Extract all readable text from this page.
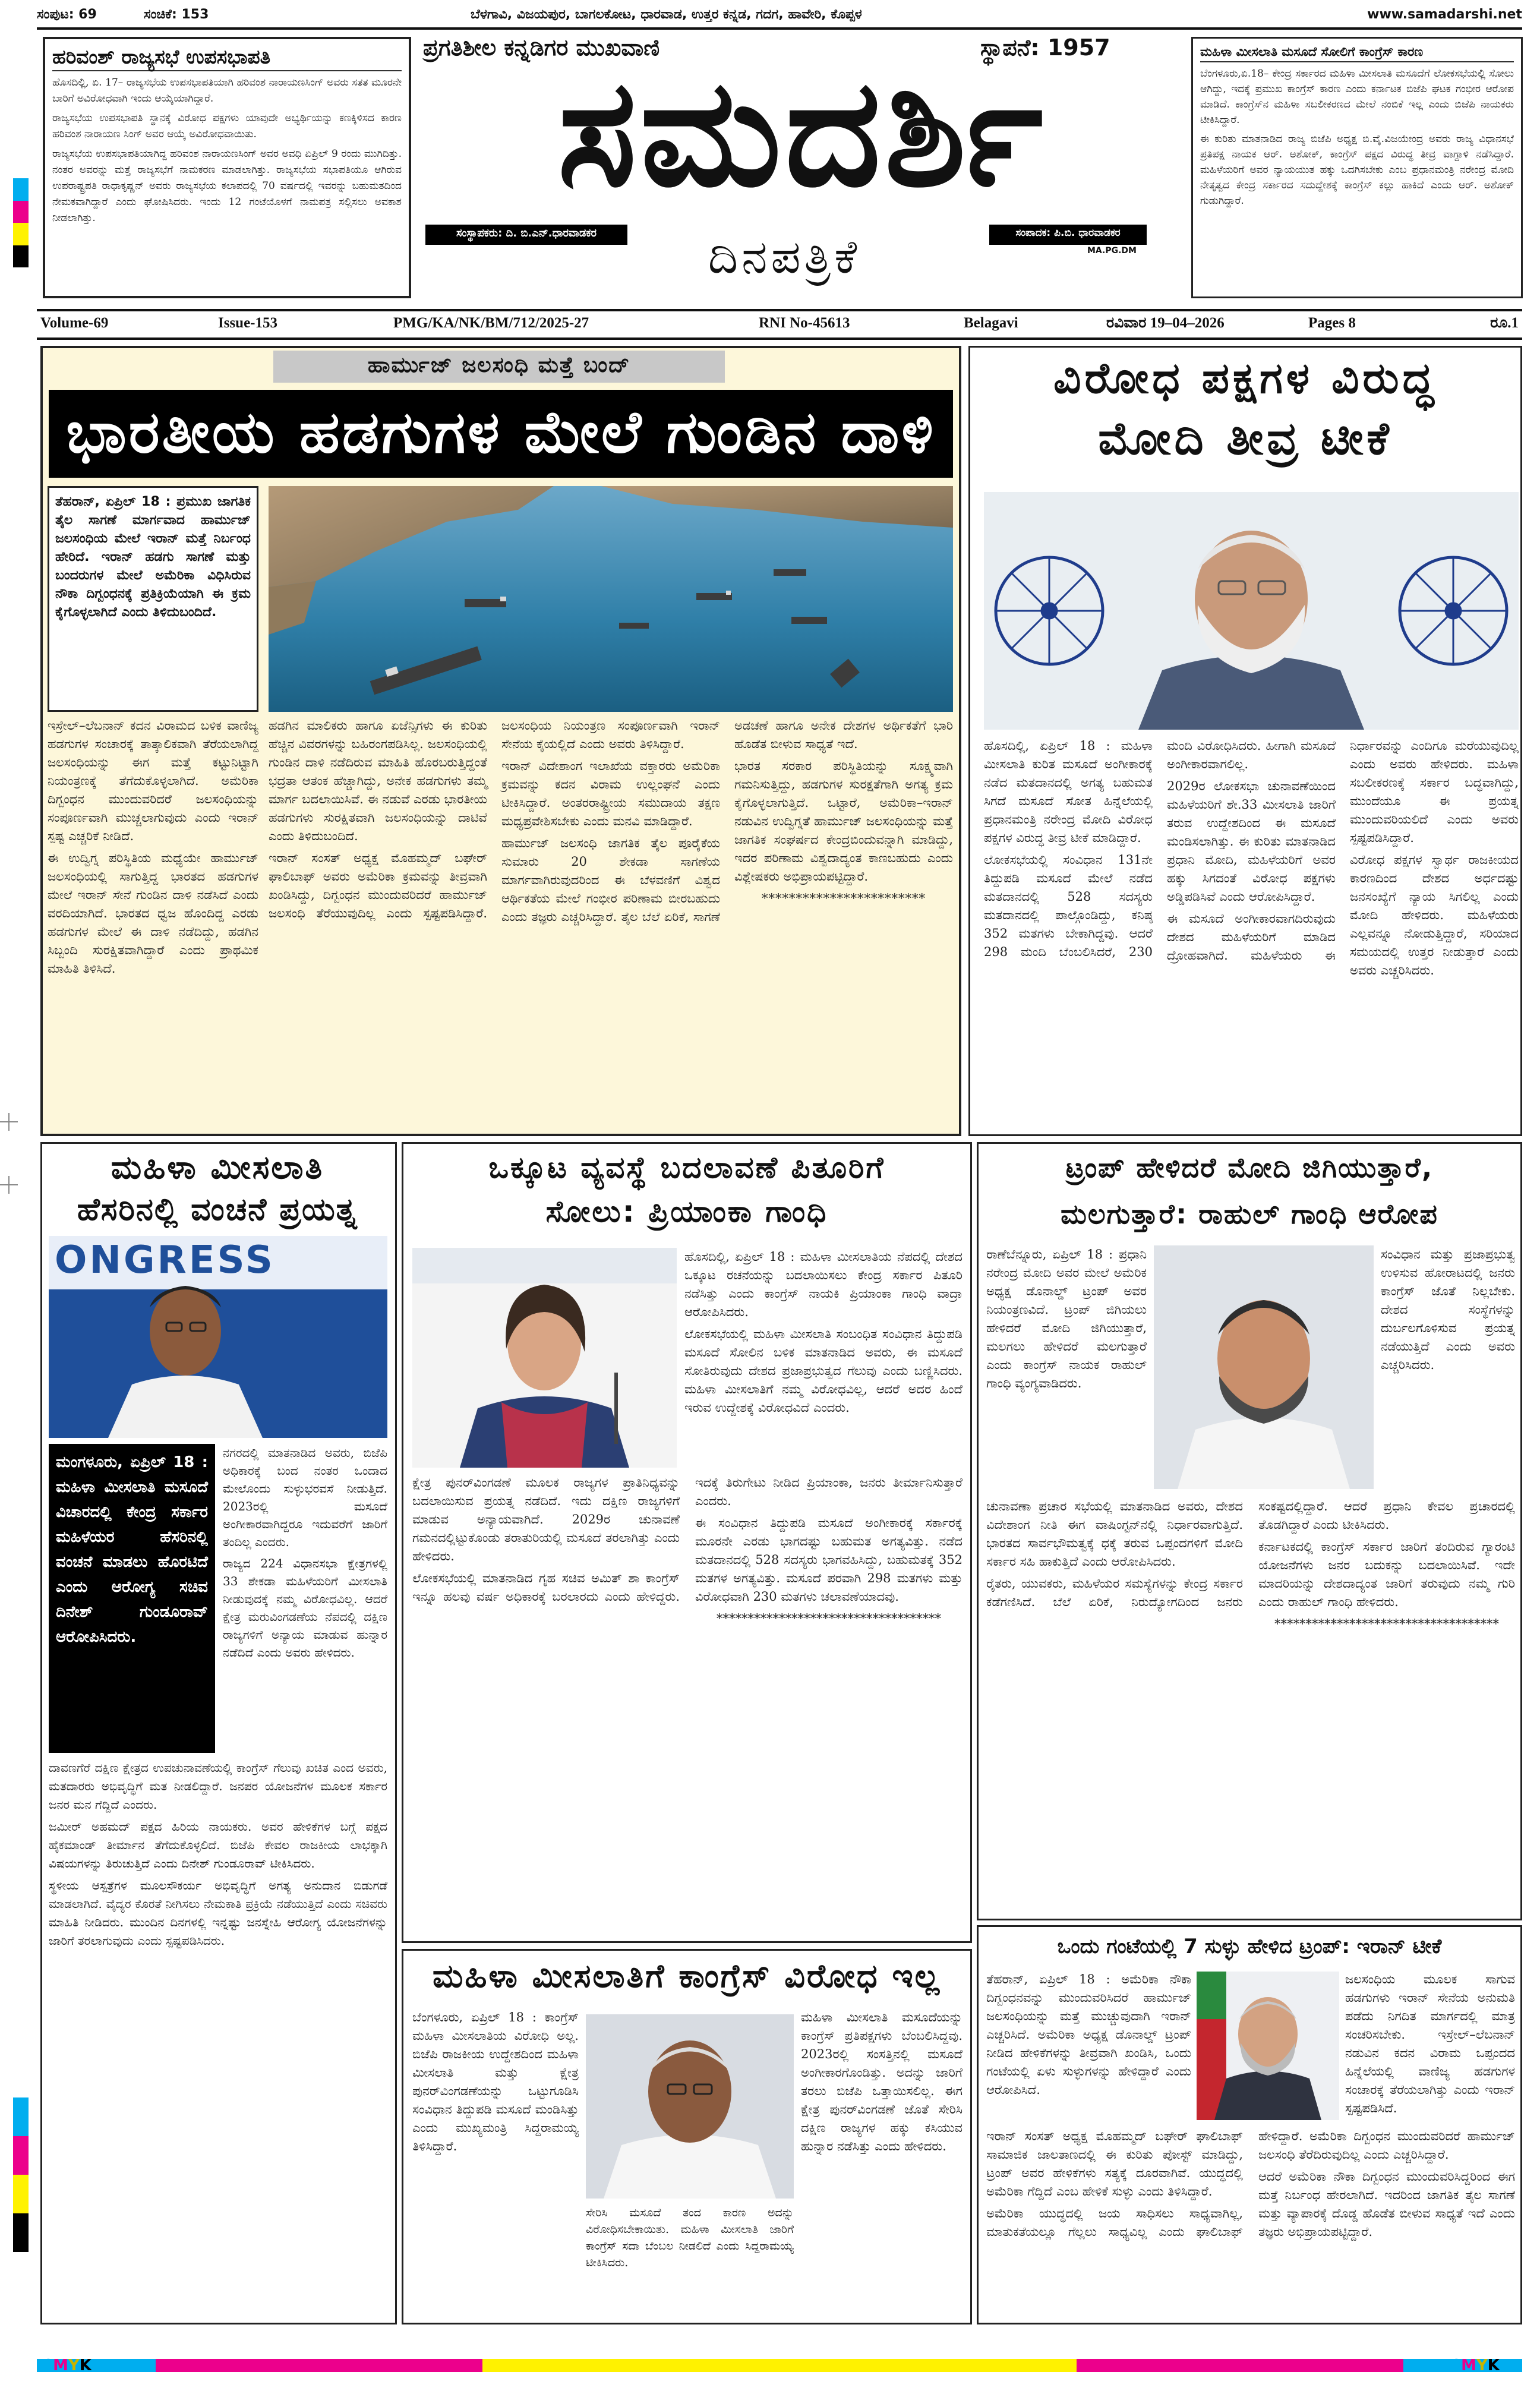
ಸಂಪುಟ: 69	ಸಂಚಿಕೆ: 153	ಬೆಳಗಾವಿ, ವಿಜಯಪುರ, ಬಾಗಲಕೋಟ, ಧಾರವಾಡ, ಉತ್ತರ ಕನ್ನಡ, ಗದಗ, ಹಾವೇರಿ, ಕೊಪ್ಪಳ	www.samadarshi.net
ಹರಿವಂಶ್ ರಾಜ್ಯಸಭೆ ಉಪಸಭಾಪತಿ

ಹೊಸದಿಲ್ಲಿ, ಏ. 17– ರಾಜ್ಯಸಭೆಯ ಉಪಸಭಾಪತಿಯಾಗಿ ಹರಿವಂಶ ನಾರಾಯಣಸಿಂಗ್ ಅವರು ಸತತ ಮೂರನೇ ಬಾರಿಗೆ ಅವಿರೋಧವಾಗಿ ಇಂದು ಆಯ್ಕೆಯಾಗಿದ್ದಾರೆ.

ರಾಜ್ಯಸಭೆಯ ಉಪಸಭಾಪತಿ ಸ್ಥಾನಕ್ಕೆ ವಿರೋಧ ಪಕ್ಷಗಳು ಯಾವುದೇ ಅಭ್ಯರ್ಥಿಯನ್ನು ಕಣಕ್ಕಿಳಿಸದ ಕಾರಣ ಹರಿವಂಶ ನಾರಾಯಣ ಸಿಂಗ್ ಅವರ ಆಯ್ಕೆ ಅವಿರೋಧವಾಯಿತು.

ರಾಜ್ಯಸಭೆಯ ಉಪಸಭಾಪತಿಯಾಗಿದ್ದ ಹರಿವಂಶ ನಾರಾಯಣಸಿಂಗ್ ಅವರ ಅವಧಿ ಏಪ್ರಿಲ್ 9 ರಂದು ಮುಗಿದಿತ್ತು. ನಂತರ ಅವರನ್ನು ಮತ್ತೆ ರಾಜ್ಯಸಭೆಗೆ ನಾಮಕರಣ ಮಾಡಲಾಗಿತ್ತು. ರಾಜ್ಯಸಭೆಯ ಸಭಾಪತಿಯೂ ಆಗಿರುವ ಉಪರಾಷ್ಟ್ರಪತಿ ರಾಧಾಕೃಷ್ಣನ್ ಅವರು ರಾಜ್ಯಸಭೆಯ ಕಲಾಪದಲ್ಲಿ 70 ವರ್ಷದಲ್ಲಿ ಇವರನ್ನು ಬಹುಮತದಿಂದ ನೇಮಕವಾಗಿದ್ದಾರೆ ಎಂದು ಘೋಷಿಸಿದರು. ಇಂದು 12 ಗಂಟೆಯೊಳಗೆ ನಾಮಪತ್ರ ಸಲ್ಲಿಸಲು ಅವಕಾಶ ನೀಡಲಾಗಿತ್ತು.

ಪ್ರಗತಿಶೀಲ ಕನ್ನಡಿಗರ ಮುಖವಾಣಿ	ಸ್ಥಾಪನೆ: 1957
ಸಮದರ್ಶಿ
ಸಂಸ್ಥಾಪಕರು: ದಿ. ಬಿ.ಎನ್.ಧಾರವಾಡಕರ	ದಿನಪತ್ರಿಕೆ	ಸಂಪಾದಕ: ಪಿ.ಬಿ. ಧಾರವಾಡಕರ
MA.PG.DM
ಮಹಿಳಾ ಮೀಸಲಾತಿ ಮಸೂದೆ ಸೋಲಿಗೆ ಕಾಂಗ್ರೆಸ್ ಕಾರಣ

ಬೆಂಗಳೂರು,ಏ.18– ಕೇಂದ್ರ ಸರ್ಕಾರದ ಮಹಿಳಾ ಮೀಸಲಾತಿ ಮಸೂದೆಗೆ ಲೋಕಸಭೆಯಲ್ಲಿ ಸೋಲು ಆಗಿದ್ದು, ಇದಕ್ಕೆ ಪ್ರಮುಖ ಕಾಂಗ್ರೆಸ್ ಕಾರಣ ಎಂದು ಕರ್ನಾಟಕ ಬಿಜೆಪಿ ಘಟಕ ಗಂಭೀರ ಆರೋಪ ಮಾಡಿದೆ. ಕಾಂಗ್ರೆಸ್‌ನ ಮಹಿಳಾ ಸಬಲೀಕರಣದ ಮೇಲೆ ನಂಬಿಕೆ ಇಲ್ಲ ಎಂದು ಬಿಜೆಪಿ ನಾಯಕರು ಟೀಕಿಸಿದ್ದಾರೆ.

ಈ ಕುರಿತು ಮಾತನಾಡಿದ ರಾಜ್ಯ ಬಿಜೆಪಿ ಅಧ್ಯಕ್ಷ ಬಿ.ವೈ.ವಿಜಯೇಂದ್ರ ಅವರು ರಾಜ್ಯ ವಿಧಾನಸಭೆ ಪ್ರತಿಪಕ್ಷ ನಾಯಕ ಆರ್. ಅಶೋಕ್, ಕಾಂಗ್ರೆಸ್ ಪಕ್ಷದ ವಿರುದ್ಧ ತೀವ್ರ ವಾಗ್ದಾಳಿ ನಡೆಸಿದ್ದಾರೆ. ಮಹಿಳೆಯರಿಗೆ ಅವರ ನ್ಯಾಯಯುತ ಹಕ್ಕು ಒದಗಿಸಬೇಕು ಎಂಬ ಪ್ರಧಾನಮಂತ್ರಿ ನರೇಂದ್ರ ಮೋದಿ ನೇತೃತ್ವದ ಕೇಂದ್ರ ಸರ್ಕಾರದ ಸದುದ್ದೇಶಕ್ಕೆ ಕಾಂಗ್ರೆಸ್ ಕಲ್ಲು ಹಾಕಿದೆ ಎಂದು ಆರ್. ಅಶೋಕ್ ಗುಡುಗಿದ್ದಾರೆ.

Volume-69	Issue-153	PMG/KA/NK/BM/712/2025-27	RNI No-45613	Belagavi	ರವಿವಾರ 19–04–2026	Pages 8	ರೂ.1
ಹಾರ್ಮುಜ್ ಜಲಸಂಧಿ ಮತ್ತೆ ಬಂದ್
ಭಾರತೀಯ ಹಡಗುಗಳ ಮೇಲೆ ಗುಂಡಿನ ದಾಳಿ
ತೆಹರಾನ್, ಏಪ್ರಿಲ್ 18 : ಪ್ರಮುಖ ಜಾಗತಿಕ ತೈಲ ಸಾಗಣೆ ಮಾರ್ಗವಾದ ಹಾರ್ಮುಜ್ ಜಲಸಂಧಿಯ ಮೇಲೆ ಇರಾನ್ ಮತ್ತೆ ನಿರ್ಬಂಧ ಹೇರಿದೆ. ಇರಾನ್ ಹಡಗು ಸಾಗಣೆ ಮತ್ತು ಬಂದರುಗಳ ಮೇಲೆ ಅಮೆರಿಕಾ ವಿಧಿಸಿರುವ ನೌಕಾ ದಿಗ್ಬಂಧನಕ್ಕೆ ಪ್ರತಿಕ್ರಿಯೆಯಾಗಿ ಈ ಕ್ರಮ ಕೈಗೊಳ್ಳಲಾಗಿದೆ ಎಂದು ತಿಳಿದುಬಂದಿದೆ.

ಇಸ್ರೇಲ್–ಲೆಬನಾನ್ ಕದನ ವಿರಾಮದ ಬಳಿಕ ವಾಣಿಜ್ಯ ಹಡಗುಗಳ ಸಂಚಾರಕ್ಕೆ ತಾತ್ಕಾಲಿಕವಾಗಿ ತೆರೆಯಲಾಗಿದ್ದ ಜಲಸಂಧಿಯನ್ನು ಈಗ ಮತ್ತೆ ಕಟ್ಟುನಿಟ್ಟಾಗಿ ನಿಯಂತ್ರಣಕ್ಕೆ ತೆಗೆದುಕೊಳ್ಳಲಾಗಿದೆ. ಅಮೆರಿಕಾ ದಿಗ್ಬಂಧನ ಮುಂದುವರಿದರೆ ಜಲಸಂಧಿಯನ್ನು ಸಂಪೂರ್ಣವಾಗಿ ಮುಚ್ಚಲಾಗುವುದು ಎಂದು ಇರಾನ್ ಸ್ಪಷ್ಟ ಎಚ್ಚರಿಕೆ ನೀಡಿದೆ.

ಈ ಉದ್ವಿಗ್ನ ಪರಿಸ್ಥಿತಿಯ ಮಧ್ಯೆಯೇ ಹಾರ್ಮುಜ್ ಜಲಸಂಧಿಯಲ್ಲಿ ಸಾಗುತ್ತಿದ್ದ ಭಾರತದ ಹಡಗುಗಳ ಮೇಲೆ ಇರಾನ್ ಸೇನೆ ಗುಂಡಿನ ದಾಳಿ ನಡೆಸಿದೆ ಎಂದು ವರದಿಯಾಗಿದೆ. ಭಾರತದ ಧ್ವಜ ಹೊಂದಿದ್ದ ಎರಡು ಹಡಗುಗಳ ಮೇಲೆ ಈ ದಾಳಿ ನಡೆದಿದ್ದು, ಹಡಗಿನ ಸಿಬ್ಬಂದಿ ಸುರಕ್ಷಿತವಾಗಿದ್ದಾರೆ ಎಂದು ಪ್ರಾಥಮಿಕ ಮಾಹಿತಿ ತಿಳಿಸಿದೆ.

ಹಡಗಿನ ಮಾಲಿಕರು ಹಾಗೂ ಏಜೆನ್ಸಿಗಳು ಈ ಕುರಿತು ಹೆಚ್ಚಿನ ವಿವರಗಳನ್ನು ಬಹಿರಂಗಪಡಿಸಿಲ್ಲ. ಜಲಸಂಧಿಯಲ್ಲಿ ಗುಂಡಿನ ದಾಳಿ ನಡೆದಿರುವ ಮಾಹಿತಿ ಹೊರಬರುತ್ತಿದ್ದಂತೆ ಭದ್ರತಾ ಆತಂಕ ಹೆಚ್ಚಾಗಿದ್ದು, ಅನೇಕ ಹಡಗುಗಳು ತಮ್ಮ ಮಾರ್ಗ ಬದಲಾಯಿಸಿವೆ. ಈ ನಡುವೆ ಎರಡು ಭಾರತೀಯ ಹಡಗುಗಳು ಸುರಕ್ಷಿತವಾಗಿ ಜಲಸಂಧಿಯನ್ನು ದಾಟಿವೆ ಎಂದು ತಿಳಿದುಬಂದಿದೆ.

ಇರಾನ್ ಸಂಸತ್ ಅಧ್ಯಕ್ಷ ಮೊಹಮ್ಮದ್ ಬಘೇರ್ ಘಾಲಿಬಾಫ್ ಅವರು ಅಮೆರಿಕಾ ಕ್ರಮವನ್ನು ತೀವ್ರವಾಗಿ ಖಂಡಿಸಿದ್ದು, ದಿಗ್ಬಂಧನ ಮುಂದುವರಿದರೆ ಹಾರ್ಮುಜ್ ಜಲಸಂಧಿ ತೆರೆಯುವುದಿಲ್ಲ ಎಂದು ಸ್ಪಷ್ಟಪಡಿಸಿದ್ದಾರೆ. ಜಲಸಂಧಿಯ ನಿಯಂತ್ರಣ ಸಂಪೂರ್ಣವಾಗಿ ಇರಾನ್ ಸೇನೆಯ ಕೈಯಲ್ಲಿದೆ ಎಂದು ಅವರು ತಿಳಿಸಿದ್ದಾರೆ.

ಇರಾನ್ ವಿದೇಶಾಂಗ ಇಲಾಖೆಯ ವಕ್ತಾರರು ಅಮೆರಿಕಾ ಕ್ರಮವನ್ನು ಕದನ ವಿರಾಮ ಉಲ್ಲಂಘನೆ ಎಂದು ಟೀಕಿಸಿದ್ದಾರೆ. ಅಂತರರಾಷ್ಟ್ರೀಯ ಸಮುದಾಯ ತಕ್ಷಣ ಮಧ್ಯಪ್ರವೇಶಿಸಬೇಕು ಎಂದು ಮನವಿ ಮಾಡಿದ್ದಾರೆ.

ಹಾರ್ಮುಜ್ ಜಲಸಂಧಿ ಜಾಗತಿಕ ತೈಲ ಪೂರೈಕೆಯ ಸುಮಾರು 20 ಶೇಕಡಾ ಸಾಗಣೆಯ ಮಾರ್ಗವಾಗಿರುವುದರಿಂದ ಈ ಬೆಳವಣಿಗೆ ವಿಶ್ವದ ಆರ್ಥಿಕತೆಯ ಮೇಲೆ ಗಂಭೀರ ಪರಿಣಾಮ ಬೀರಬಹುದು ಎಂದು ತಜ್ಞರು ಎಚ್ಚರಿಸಿದ್ದಾರೆ. ತೈಲ ಬೆಲೆ ಏರಿಕೆ, ಸಾಗಣೆ ಅಡಚಣೆ ಹಾಗೂ ಅನೇಕ ದೇಶಗಳ ಅರ್ಥಿಕತೆಗೆ ಭಾರಿ ಹೊಡೆತ ಬೀಳುವ ಸಾಧ್ಯತೆ ಇದೆ.

ಭಾರತ ಸರಕಾರ ಪರಿಸ್ಥಿತಿಯನ್ನು ಸೂಕ್ಷ್ಮವಾಗಿ ಗಮನಿಸುತ್ತಿದ್ದು, ಹಡಗುಗಳ ಸುರಕ್ಷತೆಗಾಗಿ ಅಗತ್ಯ ಕ್ರಮ ಕೈಗೊಳ್ಳಲಾಗುತ್ತಿದೆ. ಒಟ್ಟಾರೆ, ಅಮೆರಿಕಾ–ಇರಾನ್ ನಡುವಿನ ಉದ್ವಿಗ್ನತೆ ಹಾರ್ಮುಜ್ ಜಲಸಂಧಿಯನ್ನು ಮತ್ತೆ ಜಾಗತಿಕ ಸಂಘರ್ಷದ ಕೇಂದ್ರಬಿಂದುವನ್ನಾಗಿ ಮಾಡಿದ್ದು, ಇದರ ಪರಿಣಾಮ ವಿಶ್ವದಾದ್ಯಂತ ಕಾಣಬಹುದು ಎಂದು ವಿಶ್ಲೇಷಕರು ಅಭಿಪ್ರಾಯಪಟ್ಟಿದ್ದಾರೆ.

************************

ವಿರೋಧ ಪಕ್ಷಗಳ ವಿರುದ್ಧ
ಮೋದಿ ತೀವ್ರ ಟೀಕೆ

ಹೊಸದಿಲ್ಲಿ, ಏಪ್ರಿಲ್ 18 : ಮಹಿಳಾ ಮೀಸಲಾತಿ ಕುರಿತ ಮಸೂದೆ ಅಂಗೀಕಾರಕ್ಕೆ ನಡೆದ ಮತದಾನದಲ್ಲಿ ಅಗತ್ಯ ಬಹುಮತ ಸಿಗದೆ ಮಸೂದೆ ಸೋತ ಹಿನ್ನೆಲೆಯಲ್ಲಿ ಪ್ರಧಾನಮಂತ್ರಿ ನರೇಂದ್ರ ಮೋದಿ ವಿರೋಧ ಪಕ್ಷಗಳ ವಿರುದ್ಧ ತೀವ್ರ ಟೀಕೆ ಮಾಡಿದ್ದಾರೆ.

ಲೋಕಸಭೆಯಲ್ಲಿ ಸಂವಿಧಾನ 131ನೇ ತಿದ್ದುಪಡಿ ಮಸೂದೆ ಮೇಲೆ ನಡೆದ ಮತದಾನದಲ್ಲಿ 528 ಸದಸ್ಯರು ಮತದಾನದಲ್ಲಿ ಪಾಲ್ಗೊಂಡಿದ್ದು, ಕನಿಷ್ಠ 352 ಮತಗಳು ಬೇಕಾಗಿದ್ದವು. ಆದರೆ 298 ಮಂದಿ ಬೆಂಬಲಿಸಿದರೆ, 230 ಮಂದಿ ವಿರೋಧಿಸಿದರು. ಹೀಗಾಗಿ ಮಸೂದೆ ಅಂಗೀಕಾರವಾಗಲಿಲ್ಲ.

2029ರ ಲೋಕಸಭಾ ಚುನಾವಣೆಯಿಂದ ಮಹಿಳೆಯರಿಗೆ ಶೇ.33 ಮೀಸಲಾತಿ ಜಾರಿಗೆ ತರುವ ಉದ್ದೇಶದಿಂದ ಈ ಮಸೂದೆ ಮಂಡಿಸಲಾಗಿತ್ತು. ಈ ಕುರಿತು ಮಾತನಾಡಿದ ಪ್ರಧಾನಿ ಮೋದಿ, ಮಹಿಳೆಯರಿಗೆ ಅವರ ಹಕ್ಕು ಸಿಗದಂತೆ ವಿರೋಧ ಪಕ್ಷಗಳು ಅಡ್ಡಿಪಡಿಸಿವೆ ಎಂದು ಆರೋಪಿಸಿದ್ದಾರೆ.

ಈ ಮಸೂದೆ ಅಂಗೀಕಾರವಾಗದಿರುವುದು ದೇಶದ ಮಹಿಳೆಯರಿಗೆ ಮಾಡಿದ ದ್ರೋಹವಾಗಿದೆ. ಮಹಿಳೆಯರು ಈ ನಿರ್ಧಾರವನ್ನು ಎಂದಿಗೂ ಮರೆಯುವುದಿಲ್ಲ ಎಂದು ಅವರು ಹೇಳಿದರು. ಮಹಿಳಾ ಸಬಲೀಕರಣಕ್ಕೆ ಸರ್ಕಾರ ಬದ್ಧವಾಗಿದ್ದು, ಮುಂದೆಯೂ ಈ ಪ್ರಯತ್ನ ಮುಂದುವರಿಯಲಿದೆ ಎಂದು ಅವರು ಸ್ಪಷ್ಟಪಡಿಸಿದ್ದಾರೆ.

ವಿರೋಧ ಪಕ್ಷಗಳ ಸ್ವಾರ್ಥ ರಾಜಕೀಯದ ಕಾರಣದಿಂದ ದೇಶದ ಅರ್ಧದಷ್ಟು ಜನಸಂಖ್ಯೆಗೆ ನ್ಯಾಯ ಸಿಗಲಿಲ್ಲ ಎಂದು ಮೋದಿ ಹೇಳಿದರು. ಮಹಿಳೆಯರು ಎಲ್ಲವನ್ನೂ ನೋಡುತ್ತಿದ್ದಾರೆ, ಸರಿಯಾದ ಸಮಯದಲ್ಲಿ ಉತ್ತರ ನೀಡುತ್ತಾರೆ ಎಂದು ಅವರು ಎಚ್ಚರಿಸಿದರು.

ಮಹಿಳಾ ಮೀಸಲಾತಿ
ಹೆಸರಿನಲ್ಲಿ ವಂಚನೆ ಪ್ರಯತ್ನ
ONGRESS
ಮಂಗಳೂರು, ಏಪ್ರಿಲ್ 18 : ಮಹಿಳಾ ಮೀಸಲಾತಿ ಮಸೂದೆ ವಿಚಾರದಲ್ಲಿ ಕೇಂದ್ರ ಸರ್ಕಾರ ಮಹಿಳೆಯರ ಹೆಸರಿನಲ್ಲಿ ವಂಚನೆ ಮಾಡಲು ಹೊರಟಿದೆ ಎಂದು ಆರೋಗ್ಯ ಸಚಿವ ದಿನೇಶ್ ಗುಂಡೂರಾವ್ ಆರೋಪಿಸಿದರು.

ನಗರದಲ್ಲಿ ಮಾತನಾಡಿದ ಅವರು, ಬಿಜೆಪಿ ಅಧಿಕಾರಕ್ಕೆ ಬಂದ ನಂತರ ಒಂದಾದ ಮೇಲೊಂದು ಸುಳ್ಳುಭರವಸೆ ನೀಡುತ್ತಿದೆ. 2023ರಲ್ಲಿ ಮಸೂದೆ ಅಂಗೀಕಾರವಾಗಿದ್ದರೂ ಇದುವರೆಗೆ ಜಾರಿಗೆ ತಂದಿಲ್ಲ ಎಂದರು.

ರಾಜ್ಯದ 224 ವಿಧಾನಸಭಾ ಕ್ಷೇತ್ರಗಳಲ್ಲಿ 33 ಶೇಕಡಾ ಮಹಿಳೆಯರಿಗೆ ಮೀಸಲಾತಿ ನೀಡುವುದಕ್ಕೆ ನಮ್ಮ ವಿರೋಧವಿಲ್ಲ. ಆದರೆ ಕ್ಷೇತ್ರ ಮರುವಿಂಗಡಣೆಯ ನೆಪದಲ್ಲಿ ದಕ್ಷಿಣ ರಾಜ್ಯಗಳಿಗೆ ಅನ್ಯಾಯ ಮಾಡುವ ಹುನ್ನಾರ ನಡೆದಿದೆ ಎಂದು ಅವರು ಹೇಳಿದರು.

ದಾವಣಗೆರೆ ದಕ್ಷಿಣ ಕ್ಷೇತ್ರದ ಉಪಚುನಾವಣೆಯಲ್ಲಿ ಕಾಂಗ್ರೆಸ್ ಗೆಲುವು ಖಚಿತ ಎಂದ ಅವರು, ಮತದಾರರು ಅಭಿವೃದ್ಧಿಗೆ ಮತ ನೀಡಲಿದ್ದಾರೆ. ಜನಪರ ಯೋಜನೆಗಳ ಮೂಲಕ ಸರ್ಕಾರ ಜನರ ಮನ ಗೆದ್ದಿದೆ ಎಂದರು.

ಜಮೀರ್ ಅಹಮದ್ ಪಕ್ಷದ ಹಿರಿಯ ನಾಯಕರು. ಅವರ ಹೇಳಿಕೆಗಳ ಬಗ್ಗೆ ಪಕ್ಷದ ಹೈಕಮಾಂಡ್ ತೀರ್ಮಾನ ತೆಗೆದುಕೊಳ್ಳಲಿದೆ. ಬಿಜೆಪಿ ಕೇವಲ ರಾಜಕೀಯ ಲಾಭಕ್ಕಾಗಿ ವಿಷಯಗಳನ್ನು ತಿರುಚುತ್ತಿದೆ ಎಂದು ದಿನೇಶ್ ಗುಂಡೂರಾವ್ ಟೀಕಿಸಿದರು.

ಸ್ಥಳೀಯ ಆಸ್ಪತ್ರೆಗಳ ಮೂಲಸೌಕರ್ಯ ಅಭಿವೃದ್ಧಿಗೆ ಅಗತ್ಯ ಅನುದಾನ ಬಿಡುಗಡೆ ಮಾಡಲಾಗಿದೆ. ವೈದ್ಯರ ಕೊರತೆ ನೀಗಿಸಲು ನೇಮಕಾತಿ ಪ್ರಕ್ರಿಯೆ ನಡೆಯುತ್ತಿದೆ ಎಂದು ಸಚಿವರು ಮಾಹಿತಿ ನೀಡಿದರು. ಮುಂದಿನ ದಿನಗಳಲ್ಲಿ ಇನ್ನಷ್ಟು ಜನಸ್ನೇಹಿ ಆರೋಗ್ಯ ಯೋಜನೆಗಳನ್ನು ಜಾರಿಗೆ ತರಲಾಗುವುದು ಎಂದು ಸ್ಪಷ್ಟಪಡಿಸಿದರು.

ಒಕ್ಕೂಟ ವ್ಯವಸ್ಥೆ ಬದಲಾವಣೆ ಪಿತೂರಿಗೆ
ಸೋಲು: ಪ್ರಿಯಾಂಕಾ ಗಾಂಧಿ

ಹೊಸದಿಲ್ಲಿ, ಏಪ್ರಿಲ್ 18 : ಮಹಿಳಾ ಮೀಸಲಾತಿಯ ನೆಪದಲ್ಲಿ ದೇಶದ ಒಕ್ಕೂಟ ರಚನೆಯನ್ನು ಬದಲಾಯಿಸಲು ಕೇಂದ್ರ ಸರ್ಕಾರ ಪಿತೂರಿ ನಡೆಸಿತ್ತು ಎಂದು ಕಾಂಗ್ರೆಸ್ ನಾಯಕಿ ಪ್ರಿಯಾಂಕಾ ಗಾಂಧಿ ವಾದ್ರಾ ಆರೋಪಿಸಿದರು.

ಲೋಕಸಭೆಯಲ್ಲಿ ಮಹಿಳಾ ಮೀಸಲಾತಿ ಸಂಬಂಧಿತ ಸಂವಿಧಾನ ತಿದ್ದುಪಡಿ ಮಸೂದೆ ಸೋಲಿನ ಬಳಿಕ ಮಾತನಾಡಿದ ಅವರು, ಈ ಮಸೂದೆ ಸೋತಿರುವುದು ದೇಶದ ಪ್ರಜಾಪ್ರಭುತ್ವದ ಗೆಲುವು ಎಂದು ಬಣ್ಣಿಸಿದರು. ಮಹಿಳಾ ಮೀಸಲಾತಿಗೆ ನಮ್ಮ ವಿರೋಧವಿಲ್ಲ, ಆದರೆ ಅದರ ಹಿಂದೆ ಇರುವ ಉದ್ದೇಶಕ್ಕೆ ವಿರೋಧವಿದೆ ಎಂದರು.

ಕ್ಷೇತ್ರ ಪುನರ್‌ವಿಂಗಡಣೆ ಮೂಲಕ ರಾಜ್ಯಗಳ ಪ್ರಾತಿನಿಧ್ಯವನ್ನು ಬದಲಾಯಿಸುವ ಪ್ರಯತ್ನ ನಡೆದಿದೆ. ಇದು ದಕ್ಷಿಣ ರಾಜ್ಯಗಳಿಗೆ ಮಾಡುವ ಅನ್ಯಾಯವಾಗಿದೆ. 2029ರ ಚುನಾವಣೆ ಗಮನದಲ್ಲಿಟ್ಟುಕೊಂಡು ತರಾತುರಿಯಲ್ಲಿ ಮಸೂದೆ ತರಲಾಗಿತ್ತು ಎಂದು ಹೇಳಿದರು.

ಲೋಕಸಭೆಯಲ್ಲಿ ಮಾತನಾಡಿದ ಗೃಹ ಸಚಿವ ಅಮಿತ್ ಶಾ ಕಾಂಗ್ರೆಸ್ ಇನ್ನೂ ಹಲವು ವರ್ಷ ಅಧಿಕಾರಕ್ಕೆ ಬರಲಾರದು ಎಂದು ಹೇಳಿದ್ದರು. ಇದಕ್ಕೆ ತಿರುಗೇಟು ನೀಡಿದ ಪ್ರಿಯಾಂಕಾ, ಜನರು ತೀರ್ಮಾನಿಸುತ್ತಾರೆ ಎಂದರು.

ಈ ಸಂವಿಧಾನ ತಿದ್ದುಪಡಿ ಮಸೂದೆ ಅಂಗೀಕಾರಕ್ಕೆ ಸರ್ಕಾರಕ್ಕೆ ಮೂರನೇ ಎರಡು ಭಾಗದಷ್ಟು ಬಹುಮತ ಅಗತ್ಯವಿತ್ತು. ನಡೆದ ಮತದಾನದಲ್ಲಿ 528 ಸದಸ್ಯರು ಭಾಗವಹಿಸಿದ್ದು, ಬಹುಮತಕ್ಕೆ 352 ಮತಗಳ ಅಗತ್ಯವಿತ್ತು. ಮಸೂದೆ ಪರವಾಗಿ 298 ಮತಗಳು ಮತ್ತು ವಿರೋಧವಾಗಿ 230 ಮತಗಳು ಚಲಾವಣೆಯಾದವು.

************************************

ಟ್ರಂಪ್ ಹೇಳಿದರೆ ಮೋದಿ ಜಿಗಿಯುತ್ತಾರೆ,
ಮಲಗುತ್ತಾರೆ: ರಾಹುಲ್ ಗಾಂಧಿ ಆರೋಪ

ರಾಣೆಬೆನ್ನೂರು, ಏಪ್ರಿಲ್ 18 : ಪ್ರಧಾನಿ ನರೇಂದ್ರ ಮೋದಿ ಅವರ ಮೇಲೆ ಅಮೆರಿಕ ಅಧ್ಯಕ್ಷ ಡೊನಾಲ್ಡ್ ಟ್ರಂಪ್ ಅವರ ನಿಯಂತ್ರಣವಿದೆ. ಟ್ರಂಪ್ ಜಿಗಿಯಲು ಹೇಳಿದರೆ ಮೋದಿ ಜಿಗಿಯುತ್ತಾರೆ, ಮಲಗಲು ಹೇಳಿದರೆ ಮಲಗುತ್ತಾರೆ ಎಂದು ಕಾಂಗ್ರೆಸ್ ನಾಯಕ ರಾಹುಲ್ ಗಾಂಧಿ ವ್ಯಂಗ್ಯವಾಡಿದರು.

ಸಂವಿಧಾನ ಮತ್ತು ಪ್ರಜಾಪ್ರಭುತ್ವ ಉಳಿಸುವ ಹೋರಾಟದಲ್ಲಿ ಜನರು ಕಾಂಗ್ರೆಸ್ ಜೊತೆ ನಿಲ್ಲಬೇಕು. ದೇಶದ ಸಂಸ್ಥೆಗಳನ್ನು ದುರ್ಬಲಗೊಳಿಸುವ ಪ್ರಯತ್ನ ನಡೆಯುತ್ತಿದೆ ಎಂದು ಅವರು ಎಚ್ಚರಿಸಿದರು.

ಚುನಾವಣಾ ಪ್ರಚಾರ ಸಭೆಯಲ್ಲಿ ಮಾತನಾಡಿದ ಅವರು, ದೇಶದ ವಿದೇಶಾಂಗ ನೀತಿ ಈಗ ವಾಷಿಂಗ್ಟನ್‌ನಲ್ಲಿ ನಿರ್ಧಾರವಾಗುತ್ತಿದೆ. ಭಾರತದ ಸಾರ್ವಭೌಮತ್ವಕ್ಕೆ ಧಕ್ಕೆ ತರುವ ಒಪ್ಪಂದಗಳಿಗೆ ಮೋದಿ ಸರ್ಕಾರ ಸಹಿ ಹಾಕುತ್ತಿದೆ ಎಂದು ಆರೋಪಿಸಿದರು.

ರೈತರು, ಯುವಕರು, ಮಹಿಳೆಯರ ಸಮಸ್ಯೆಗಳನ್ನು ಕೇಂದ್ರ ಸರ್ಕಾರ ಕಡೆಗಣಿಸಿದೆ. ಬೆಲೆ ಏರಿಕೆ, ನಿರುದ್ಯೋಗದಿಂದ ಜನರು ಸಂಕಷ್ಟದಲ್ಲಿದ್ದಾರೆ. ಆದರೆ ಪ್ರಧಾನಿ ಕೇವಲ ಪ್ರಚಾರದಲ್ಲಿ ತೊಡಗಿದ್ದಾರೆ ಎಂದು ಟೀಕಿಸಿದರು.

ಕರ್ನಾಟಕದಲ್ಲಿ ಕಾಂಗ್ರೆಸ್ ಸರ್ಕಾರ ಜಾರಿಗೆ ತಂದಿರುವ ಗ್ಯಾರಂಟಿ ಯೋಜನೆಗಳು ಜನರ ಬದುಕನ್ನು ಬದಲಾಯಿಸಿವೆ. ಇದೇ ಮಾದರಿಯನ್ನು ದೇಶದಾದ್ಯಂತ ಜಾರಿಗೆ ತರುವುದು ನಮ್ಮ ಗುರಿ ಎಂದು ರಾಹುಲ್ ಗಾಂಧಿ ಹೇಳಿದರು.

************************************

ಮಹಿಳಾ ಮೀಸಲಾತಿಗೆ ಕಾಂಗ್ರೆಸ್ ವಿರೋಧ ಇಲ್ಲ

ಬೆಂಗಳೂರು, ಏಪ್ರಿಲ್ 18 : ಕಾಂಗ್ರೆಸ್ ಮಹಿಳಾ ಮೀಸಲಾತಿಯ ವಿರೋಧಿ ಅಲ್ಲ. ಬಿಜೆಪಿ ರಾಜಕೀಯ ಉದ್ದೇಶದಿಂದ ಮಹಿಳಾ ಮೀಸಲಾತಿ ಮತ್ತು ಕ್ಷೇತ್ರ ಪುನರ್‌ವಿಂಗಡಣೆಯನ್ನು ಒಟ್ಟುಗೂಡಿಸಿ ಸಂವಿಧಾನ ತಿದ್ದುಪಡಿ ಮಸೂದೆ ಮಂಡಿಸಿತ್ತು ಎಂದು ಮುಖ್ಯಮಂತ್ರಿ ಸಿದ್ದರಾಮಯ್ಯ ತಿಳಿಸಿದ್ದಾರೆ.

ಮಹಿಳಾ ಮೀಸಲಾತಿ ಮಸೂದೆಯನ್ನು ಕಾಂಗ್ರೆಸ್ ಪ್ರತಿಪಕ್ಷಗಳು ಬೆಂಬಲಿಸಿದ್ದವು. 2023ರಲ್ಲಿ ಸಂಸತ್ತಿನಲ್ಲಿ ಮಸೂದೆ ಅಂಗೀಕಾರಗೊಂಡಿತ್ತು. ಅದನ್ನು ಜಾರಿಗೆ ತರಲು ಬಿಜೆಪಿ ಒತ್ತಾಯಿಸಲಿಲ್ಲ. ಈಗ ಕ್ಷೇತ್ರ ಪುನರ್‌ವಿಂಗಡಣೆ ಜೊತೆ ಸೇರಿಸಿ ದಕ್ಷಿಣ ರಾಜ್ಯಗಳ ಹಕ್ಕು ಕಸಿಯುವ ಹುನ್ನಾರ ನಡೆಸಿತ್ತು ಎಂದು ಹೇಳಿದರು.

ಸೇರಿಸಿ ಮಸೂದೆ ತಂದ ಕಾರಣ ಅದನ್ನು ವಿರೋಧಿಸಬೇಕಾಯಿತು. ಮಹಿಳಾ ಮೀಸಲಾತಿ ಜಾರಿಗೆ ಕಾಂಗ್ರೆಸ್ ಸದಾ ಬೆಂಬಲ ನೀಡಲಿದೆ ಎಂದು ಸಿದ್ದರಾಮಯ್ಯ ಟೀಕಿಸಿದರು.

ಒಂದು ಗಂಟೆಯಲ್ಲಿ 7 ಸುಳ್ಳು ಹೇಳಿದ ಟ್ರಂಪ್: ಇರಾನ್ ಟೀಕೆ

ತೆಹರಾನ್, ಏಪ್ರಿಲ್ 18 : ಅಮೆರಿಕಾ ನೌಕಾ ದಿಗ್ಬಂಧನವನ್ನು ಮುಂದುವರಿಸಿದರೆ ಹಾರ್ಮುಜ್ ಜಲಸಂಧಿಯನ್ನು ಮತ್ತೆ ಮುಚ್ಚುವುದಾಗಿ ಇರಾನ್ ಎಚ್ಚರಿಸಿದೆ. ಅಮೆರಿಕಾ ಅಧ್ಯಕ್ಷ ಡೊನಾಲ್ಡ್ ಟ್ರಂಪ್ ನೀಡಿದ ಹೇಳಿಕೆಗಳನ್ನು ತೀವ್ರವಾಗಿ ಖಂಡಿಸಿ, ಒಂದು ಗಂಟೆಯಲ್ಲಿ ಏಳು ಸುಳ್ಳುಗಳನ್ನು ಹೇಳಿದ್ದಾರೆ ಎಂದು ಆರೋಪಿಸಿದೆ.

ಜಲಸಂಧಿಯ ಮೂಲಕ ಸಾಗುವ ಹಡಗುಗಳು ಇರಾನ್ ಸೇನೆಯ ಅನುಮತಿ ಪಡೆದು ನಿಗದಿತ ಮಾರ್ಗದಲ್ಲಿ ಮಾತ್ರ ಸಂಚರಿಸಬೇಕು. ಇಸ್ರೇಲ್–ಲೆಬನಾನ್ ನಡುವಿನ ಕದನ ವಿರಾಮ ಒಪ್ಪಂದದ ಹಿನ್ನೆಲೆಯಲ್ಲಿ ವಾಣಿಜ್ಯ ಹಡಗುಗಳ ಸಂಚಾರಕ್ಕೆ ತೆರೆಯಲಾಗಿತ್ತು ಎಂದು ಇರಾನ್ ಸ್ಪಷ್ಟಪಡಿಸಿದೆ.

ಇರಾನ್ ಸಂಸತ್ ಅಧ್ಯಕ್ಷ ಮೊಹಮ್ಮದ್ ಬಘೇರ್ ಘಾಲಿಬಾಫ್ ಸಾಮಾಜಿಕ ಜಾಲತಾಣದಲ್ಲಿ ಈ ಕುರಿತು ಪೋಸ್ಟ್ ಮಾಡಿದ್ದು, ಟ್ರಂಪ್ ಅವರ ಹೇಳಿಕೆಗಳು ಸತ್ಯಕ್ಕೆ ದೂರವಾಗಿವೆ. ಯುದ್ಧದಲ್ಲಿ ಅಮೆರಿಕಾ ಗೆದ್ದಿದೆ ಎಂಬ ಹೇಳಿಕೆ ಸುಳ್ಳು ಎಂದು ತಿಳಿಸಿದ್ದಾರೆ.

ಅಮೆರಿಕಾ ಯುದ್ಧದಲ್ಲಿ ಜಯ ಸಾಧಿಸಲು ಸಾಧ್ಯವಾಗಿಲ್ಲ, ಮಾತುಕತೆಯಲ್ಲೂ ಗೆಲ್ಲಲು ಸಾಧ್ಯವಿಲ್ಲ ಎಂದು ಘಾಲಿಬಾಫ್ ಹೇಳಿದ್ದಾರೆ. ಅಮೆರಿಕಾ ದಿಗ್ಬಂಧನ ಮುಂದುವರಿದರೆ ಹಾರ್ಮುಜ್ ಜಲಸಂಧಿ ತೆರೆದಿರುವುದಿಲ್ಲ ಎಂದು ಎಚ್ಚರಿಸಿದ್ದಾರೆ.

ಆದರೆ ಅಮೆರಿಕಾ ನೌಕಾ ದಿಗ್ಬಂಧನ ಮುಂದುವರಿಸಿದ್ದರಿಂದ ಈಗ ಮತ್ತೆ ನಿರ್ಬಂಧ ಹೇರಲಾಗಿದೆ. ಇದರಿಂದ ಜಾಗತಿಕ ತೈಲ ಸಾಗಣೆ ಮತ್ತು ವ್ಯಾಪಾರಕ್ಕೆ ದೊಡ್ಡ ಹೊಡೆತ ಬೀಳುವ ಸಾಧ್ಯತೆ ಇದೆ ಎಂದು ತಜ್ಞರು ಅಭಿಪ್ರಾಯಪಟ್ಟಿದ್ದಾರೆ.

CMYK	CMYK
